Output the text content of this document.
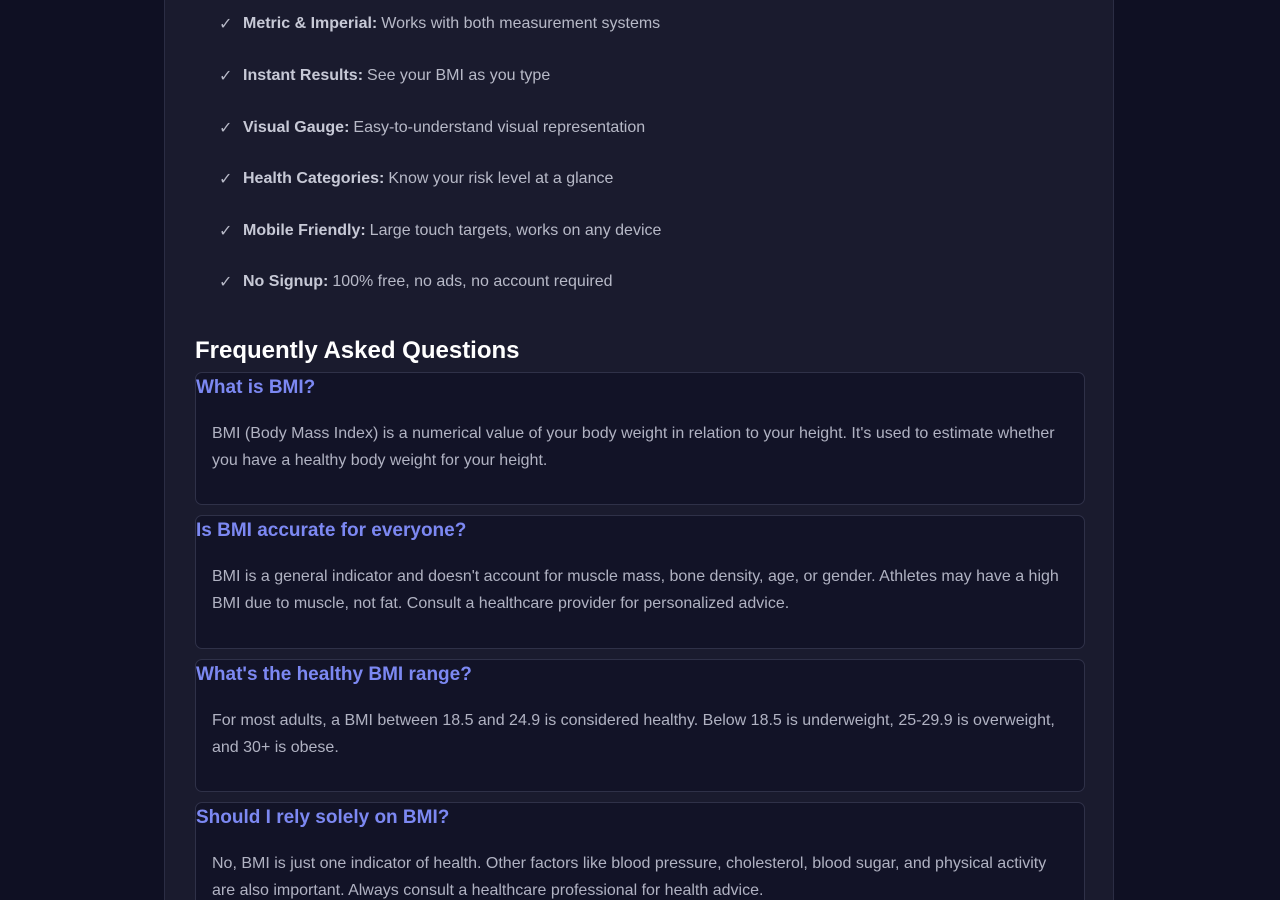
✓ Metric & Imperial: Works with both measurement systems
✓ Instant Results: See your BMI as you type
✓ Visual Gauge: Easy-to-understand visual representation
✓ Health Categories: Know your risk level at a glance
✓ Mobile Friendly: Large touch targets, works on any device
✓ No Signup: 100% free, no ads, no account required
Frequently Asked Questions
What is BMI?

BMI (Body Mass Index) is a numerical value of your body weight in relation to your height. It's used to estimate whether you have a healthy body weight for your height.

Is BMI accurate for everyone?

BMI is a general indicator and doesn't account for muscle mass, bone density, age, or gender. Athletes may have a high BMI due to muscle, not fat. Consult a healthcare provider for personalized advice.

What's the healthy BMI range?

For most adults, a BMI between 18.5 and 24.9 is considered healthy. Below 18.5 is underweight, 25-29.9 is overweight, and 30+ is obese.

Should I rely solely on BMI?

No, BMI is just one indicator of health. Other factors like blood pressure, cholesterol, blood sugar, and physical activity are also important. Always consult a healthcare professional for health advice.
